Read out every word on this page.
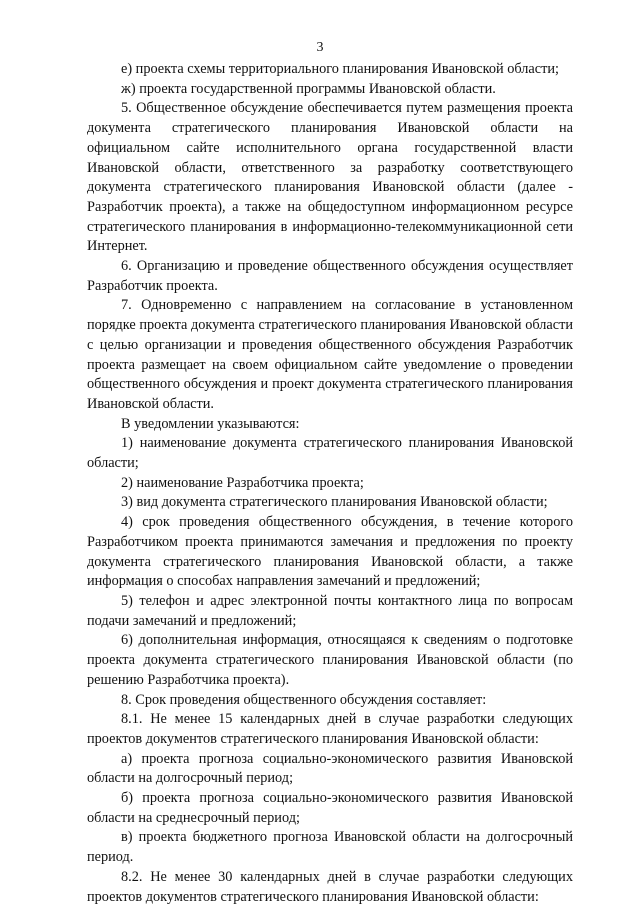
3

е) проекта схемы территориального планирования Ивановской области;

ж) проекта государственной программы Ивановской области.

5. Общественное обсуждение обеспечивается путем размещения проекта документа стратегического планирования Ивановской области на официальном сайте исполнительного органа государственной власти Ивановской области, ответственного за разработку соответствующего документа стратегического планирования Ивановской области (далее - Разработчик проекта), а также на общедоступном информационном ресурсе стратегического планирования в информационно-телекоммуникационной сети Интернет.

6. Организацию и проведение общественного обсуждения осуществляет Разработчик проекта.

7. Одновременно с направлением на согласование в установленном порядке проекта документа стратегического планирования Ивановской области с целью организации и проведения общественного обсуждения Разработчик проекта размещает на своем официальном сайте уведомление о проведении общественного обсуждения и проект документа стратегического планирования Ивановской области.

В уведомлении указываются:

1) наименование документа стратегического планирования Ивановской области;

2) наименование Разработчика проекта;

3) вид документа стратегического планирования Ивановской области;

4) срок проведения общественного обсуждения, в течение которого Разработчиком проекта принимаются замечания и предложения по проекту документа стратегического планирования Ивановской области, а также информация о способах направления замечаний и предложений;

5) телефон и адрес электронной почты контактного лица по вопросам подачи замечаний и предложений;

6) дополнительная информация, относящаяся к сведениям о подготовке проекта документа стратегического планирования Ивановской области (по решению Разработчика проекта).

8. Срок проведения общественного обсуждения составляет:

8.1. Не менее 15 календарных дней в случае разработки следующих проектов документов стратегического планирования Ивановской области:

а) проекта прогноза социально-экономического развития Ивановской области на долгосрочный период;

б) проекта прогноза социально-экономического развития Ивановской области на среднесрочный период;

в) проекта бюджетного прогноза Ивановской области на долгосрочный период.

8.2. Не менее 30 календарных дней в случае разработки следующих проектов документов стратегического планирования Ивановской области:
